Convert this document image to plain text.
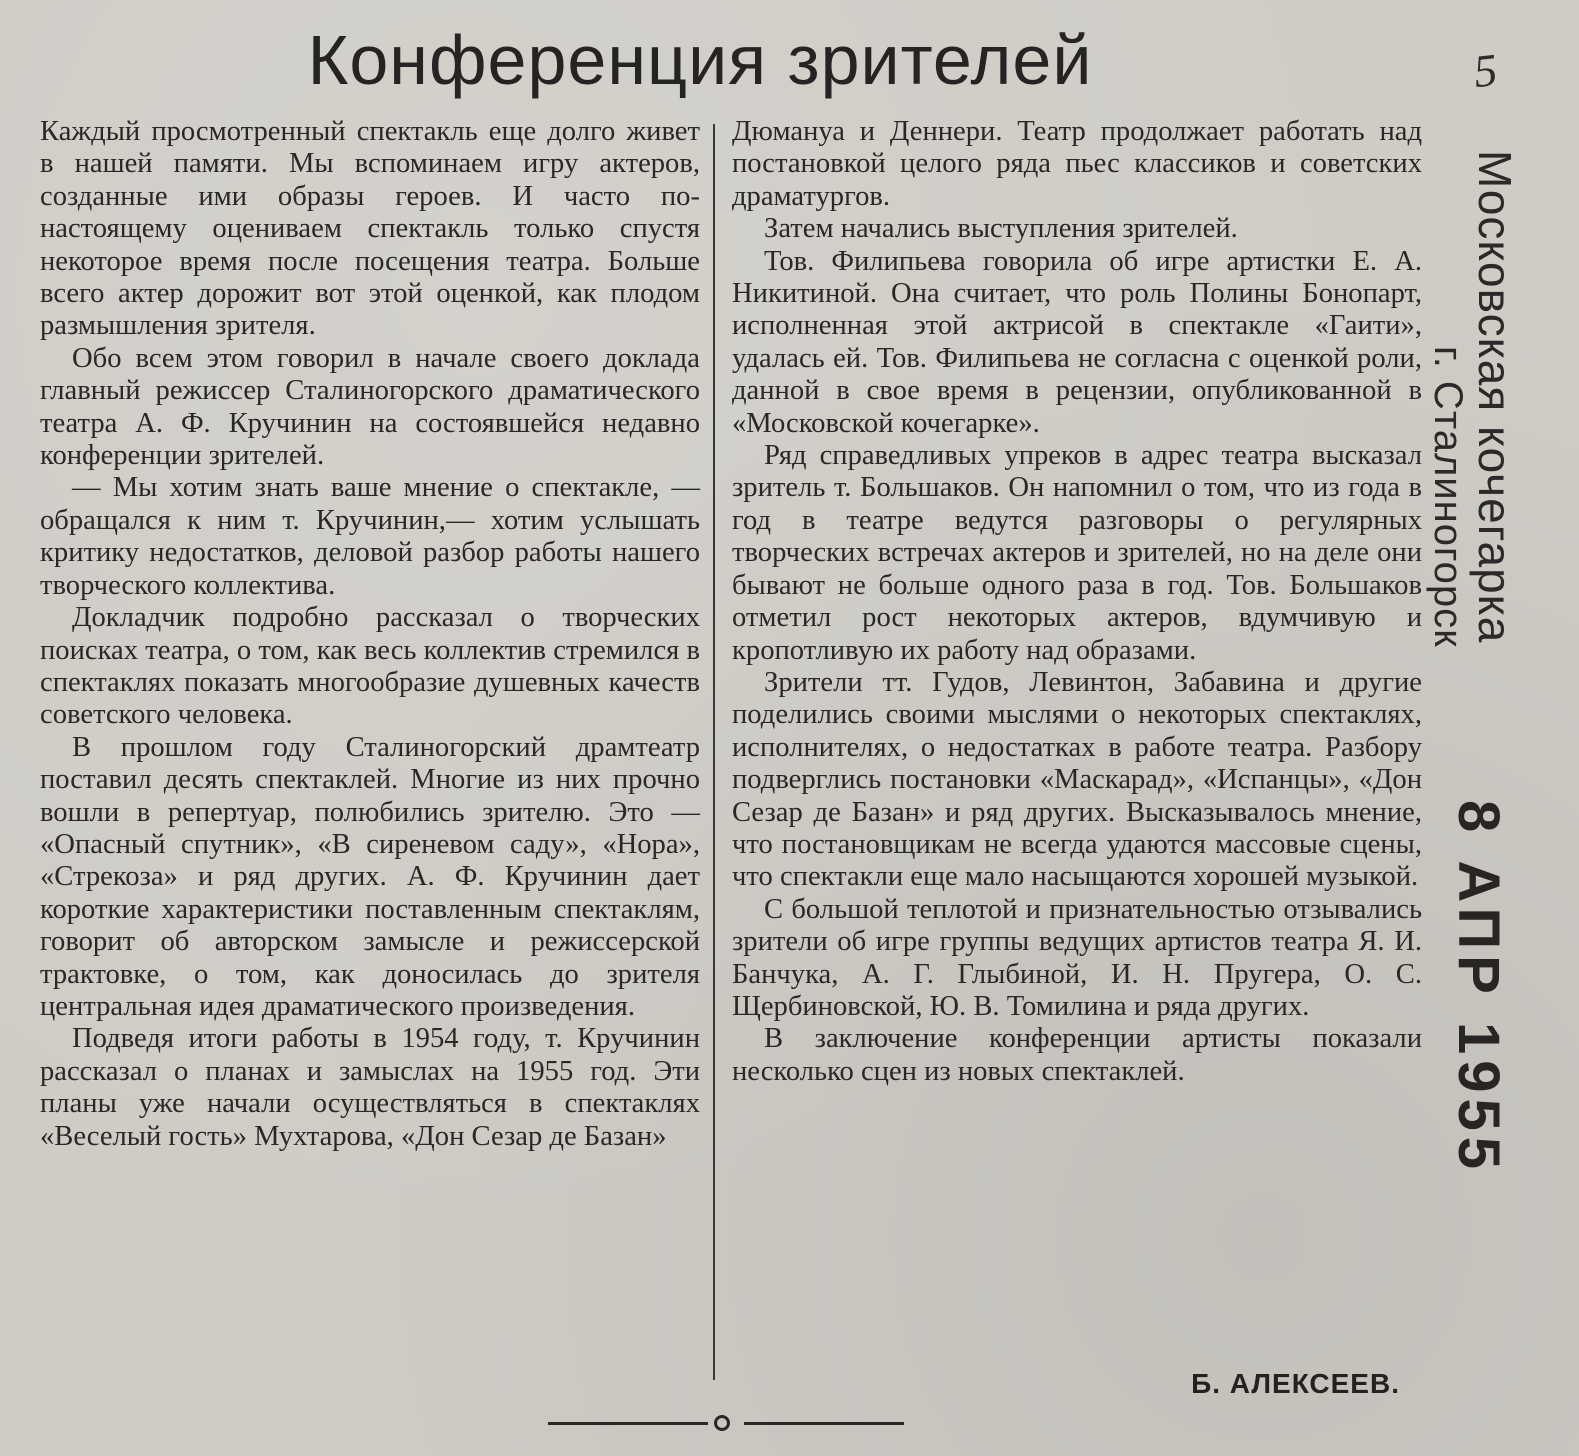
Конференция зрителей	5

Каждый просмотренный спектакль еще долго живет в нашей памяти. Мы вспоминаем игру актеров, созданные ими образы героев. И часто по-настоящему оцениваем спектакль только спустя некоторое время после посещения театра. Больше всего актер дорожит вот этой оценкой, как плодом размышления зрителя.

Обо всем этом говорил в начале своего доклада главный режиссер Сталиногорского драматического театра А. Ф. Кручинин на состоявшейся недавно конференции зрителей.

— Мы хотим знать ваше мнение о спектакле, — обращался к ним т. Кручинин,— хотим услышать критику недостатков, деловой разбор работы нашего творческого коллектива.

Докладчик подробно рассказал о творческих поисках театра, о том, как весь коллектив стремился в спектаклях показать многообразие душевных качеств советского человека.

В прошлом году Сталиногорский драмтеатр поставил десять спектаклей. Многие из них прочно вошли в репертуар, полюбились зрителю. Это — «Опасный спутник», «В сиреневом саду», «Нора», «Стрекоза» и ряд других. А. Ф. Кручинин дает короткие характеристики поставленным спектаклям, говорит об авторском замысле и режиссерской трактовке, о том, как доносилась до зрителя центральная идея драматического произведения.

Подведя итоги работы в 1954 году, т. Кручинин рассказал о планах и замыслах на 1955 год. Эти планы уже начали осуществляться в спектаклях «Веселый гость» Мухтарова, «Дон Сезар де Базан»

Дюмануа и Деннери. Театр продолжает работать над постановкой целого ряда пьес классиков и советских драматургов.

Затем начались выступления зрителей.

Тов. Филипьева говорила об игре артистки Е. А. Никитиной. Она считает, что роль Полины Бонопарт, исполненная этой актрисой в спектакле «Гаити», удалась ей. Тов. Филипьева не согласна с оценкой роли, данной в свое время в рецензии, опубликованной в «Московской кочегарке».

Ряд справедливых упреков в адрес театра высказал зритель т. Большаков. Он напомнил о том, что из года в год в театре ведутся разговоры о регулярных творческих встречах актеров и зрителей, но на деле они бывают не больше одного раза в год. Тов. Большаков отметил рост некоторых актеров, вдумчивую и кропотливую их работу над образами.

Зрители тт. Гудов, Левинтон, Забавина и другие поделились своими мыслями о некоторых спектаклях, исполнителях, о недостатках в работе театра. Разбору подверглись постановки «Маскарад», «Испанцы», «Дон Сезар де Базан» и ряд других. Высказывалось мнение, что постановщикам не всегда удаются массовые сцены, что спектакли еще мало насыщаются хорошей музыкой.

С большой теплотой и признательностью отзывались зрители об игре группы ведущих артистов театра Я. И. Банчука, А. Г. Глыбиной, И. Н. Пругера, О. С. Щербиновской, Ю. В. Томилина и ряда других.

В заключение конференции артисты показали несколько сцен из новых спектаклей.

Б. АЛЕКСЕЕВ.
Московская кочегарка
г. Сталиногорск
8 АПР 1955
